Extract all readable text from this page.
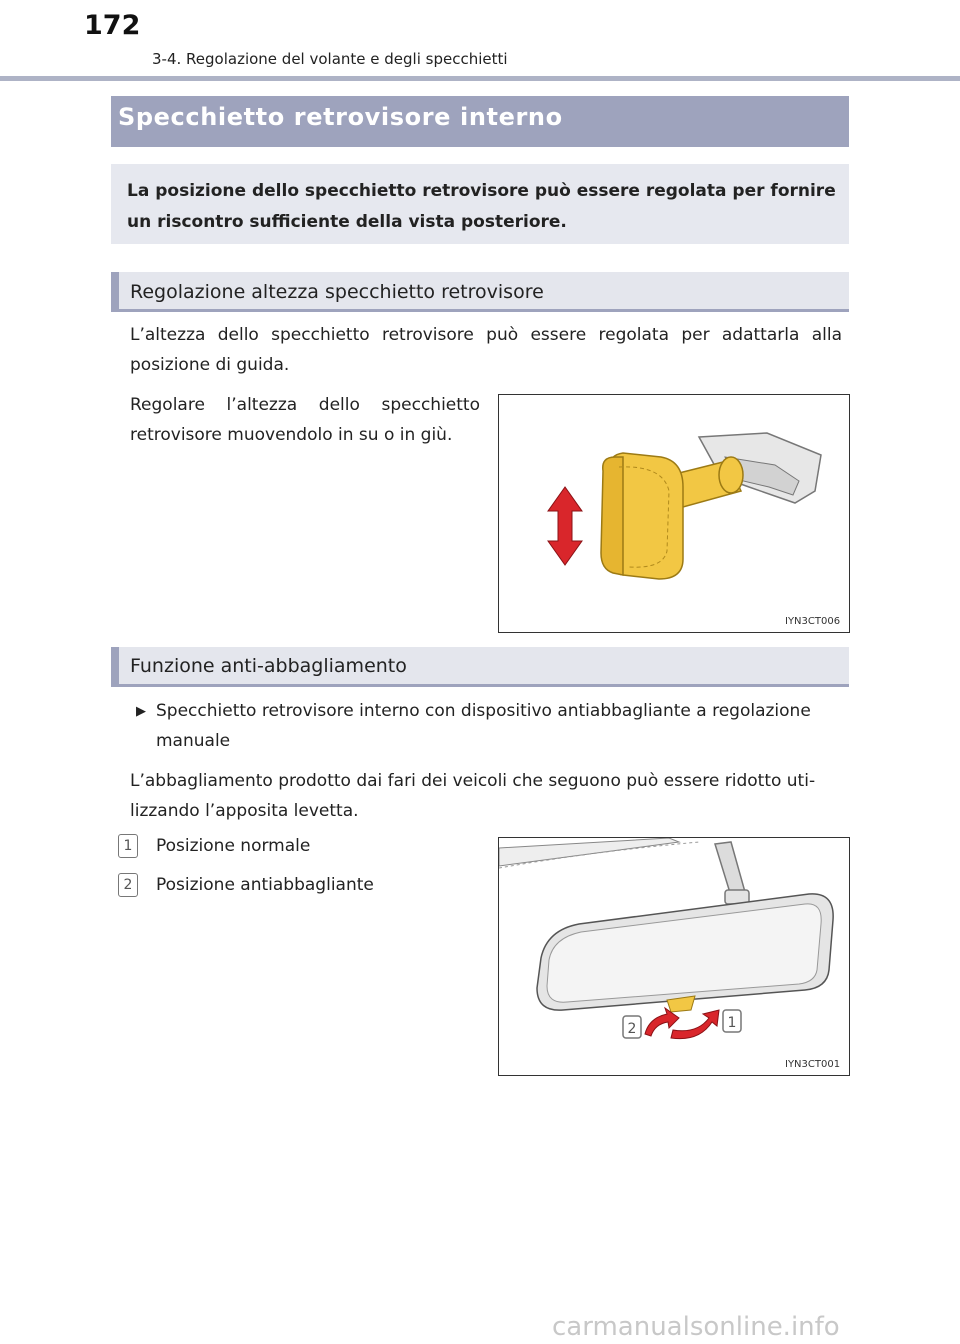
172
3-4. Regolazione del volante e degli specchietti
Specchietto retrovisore interno
La posizione dello specchietto retrovisore può essere regolata per fornire un riscontro sufficiente della vista posteriore.
Regolazione altezza specchietto retrovisore
L’altezza dello specchietto retrovisore può essere regolata per adattarla alla posizione di guida.
Regolare l’altezza dello specchietto retrovisore muovendolo in su o in giù.
IYN3CT006
Funzione anti-abbagliamento
▶ Specchietto retrovisore interno con dispositivo antiabbagliante a regolazione manuale
L’abbagliamento prodotto dai fari dei veicoli che seguono può essere ridotto uti-lizzando l’apposita levetta.
1	Posizione normale
2	Posizione antiabbagliante
2	1
IYN3CT001
carmanualsonline.info
